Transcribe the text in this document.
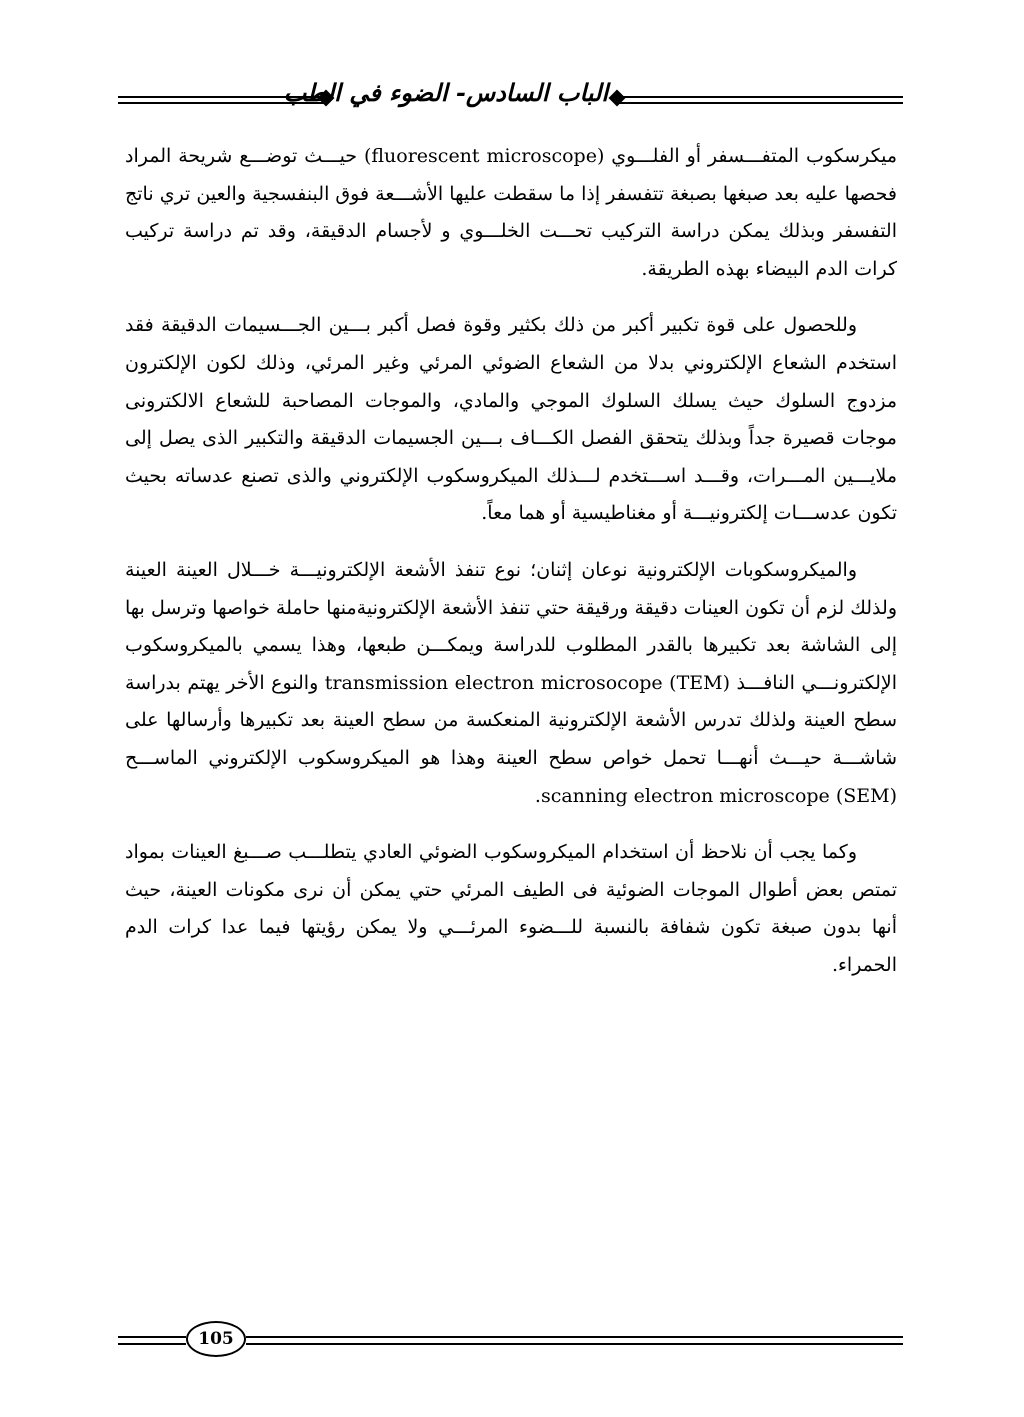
الباب السادس- الضوء في الطب

ميكرسكوب المتفـــسفر أو الفلـــوي (fluorescent microscope) حيـــث توضـــع شريحة المراد فحصها عليه بعد صبغها بصبغة تتفسفر إذا ما سقطت عليها الأشـــعة فوق البنفسجية والعين تري ناتج التفسفر وبذلك يمكن دراسة التركيب تحـــت الخلـــوي و لأجسام الدقيقة، وقد تم دراسة تركيب كرات الدم البيضاء بهذه الطريقة.

وللحصول على قوة تكبير أكبر من ذلك بكثير وقوة فصل أكبر بـــين الجـــسيمات الدقيقة فقد استخدم الشعاع الإلكتروني بدلا من الشعاع الضوئي المرئي وغير المرئي، وذلك لكون الإلكترون مزدوج السلوك حيث يسلك السلوك الموجي والمادي، والموجات المصاحبة للشعاع الالكترونى موجات قصيرة جداً وبذلك يتحقق الفصل الكـــاف بـــين الجسيمات الدقيقة والتكبير الذى يصل إلى ملايـــين المـــرات، وقـــد اســـتخدم لـــذلك الميكروسكوب الإلكتروني والذى تصنع عدساته بحيث تكون عدســـات إلكترونيـــة أو مغناطيسية أو هما معاً.

والميكروسكوبات الإلكترونية نوعان إثنان؛ نوع تنفذ الأشعة الإلكترونيـــة خـــلال العينة العينة ولذلك لزم أن تكون العينات دقيقة ورقيقة حتي تنفذ الأشعة الإلكترونيةمنها حاملة خواصها وترسل بها إلى الشاشة بعد تكبيرها بالقدر المطلوب للدراسة ويمكـــن طبعها، وهذا يسمي بالميكروسكوب الإلكترونـــي النافـــذ transmission electron microsocope (TEM) والنوع الأخر يهتم بدراسة سطح العينة ولذلك تدرس الأشعة الإلكترونية المنعكسة من سطح العينة بعد تكبيرها وأرسالها على شاشـــة حيـــث أنهـــا تحمل خواص سطح العينة وهذا هو الميكروسكوب الإلكتروني الماســـح scanning electron microscope (SEM).

وكما يجب أن نلاحظ أن استخدام الميكروسكوب الضوئي العادي يتطلـــب صـــبغ العينات بمواد تمتص بعض أطوال الموجات الضوئية فى الطيف المرئي حتي يمكن أن نرى مكونات العينة، حيث أنها بدون صبغة تكون شفافة بالنسبة للـــضوء المرئـــي ولا يمكن رؤيتها فيما عدا كرات الدم الحمراء.

105
